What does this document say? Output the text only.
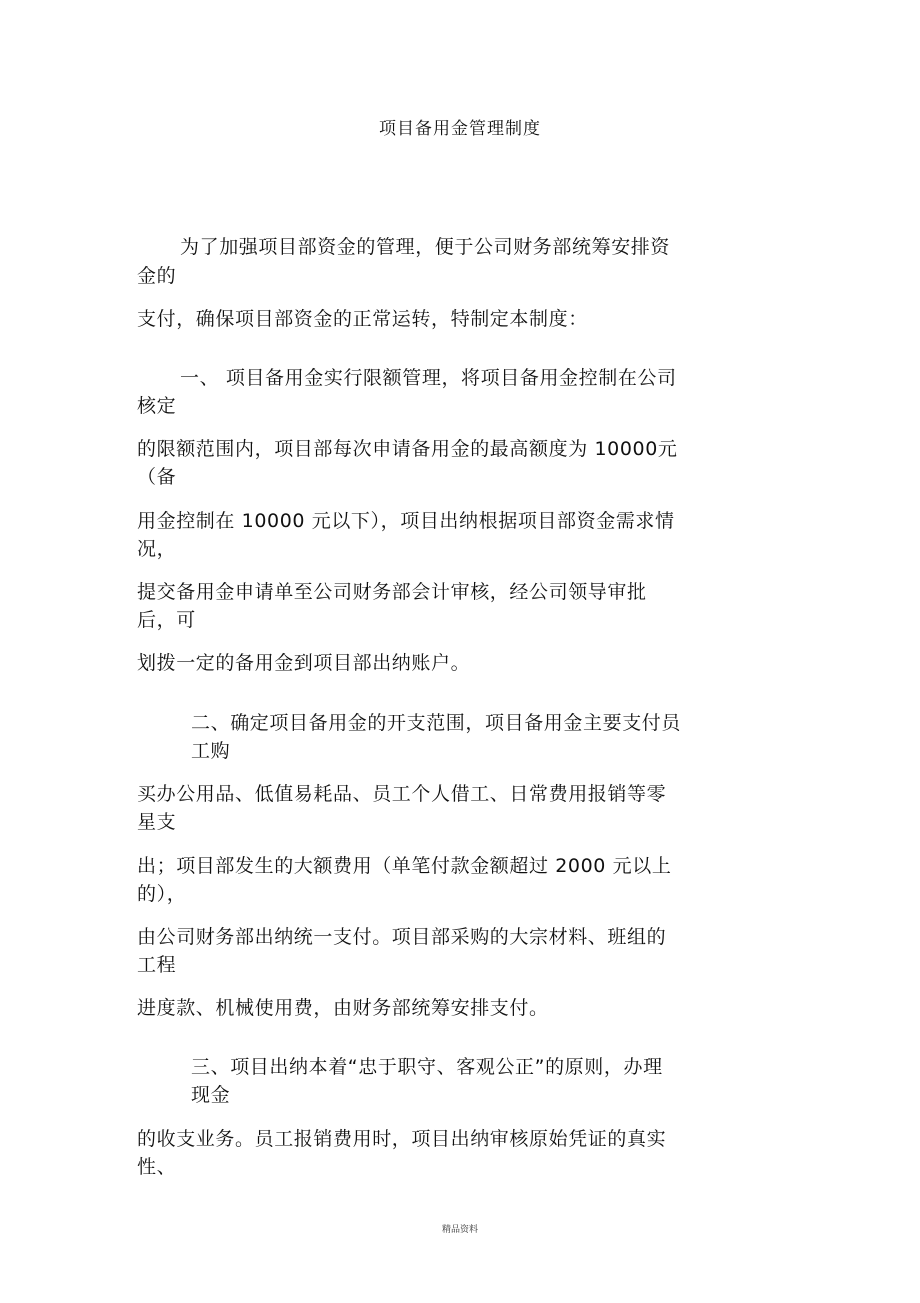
项目备用金管理制度
为了加强项目部资金的管理，便于公司财务部统筹安排资
金的
支付，确保项目部资金的正常运转，特制定本制度：
一、 项目备用金实行限额管理，将项目备用金控制在公司
核定
的限额范围内，项目部每次申请备用金的最高额度为 10000元
（备
用金控制在 10000 元以下），项目出纳根据项目部资金需求情
况，
提交备用金申请单至公司财务部会计审核，经公司领导审批
后，可
划拨一定的备用金到项目部出纳账户。
二、确定项目备用金的开支范围，项目备用金主要支付员
工购
买办公用品、低值易耗品、员工个人借工、日常费用报销等零
星支
出；项目部发生的大额费用（单笔付款金额超过 2000 元以上
的），
由公司财务部出纳统一支付。项目部采购的大宗材料、班组的
工程
进度款、机械使用费，由财务部统筹安排支付。
三、项目出纳本着“忠于职守、客观公正”的原则，办理
现金
的收支业务。员工报销费用时，项目出纳审核原始凭证的真实
性、
精品资料
